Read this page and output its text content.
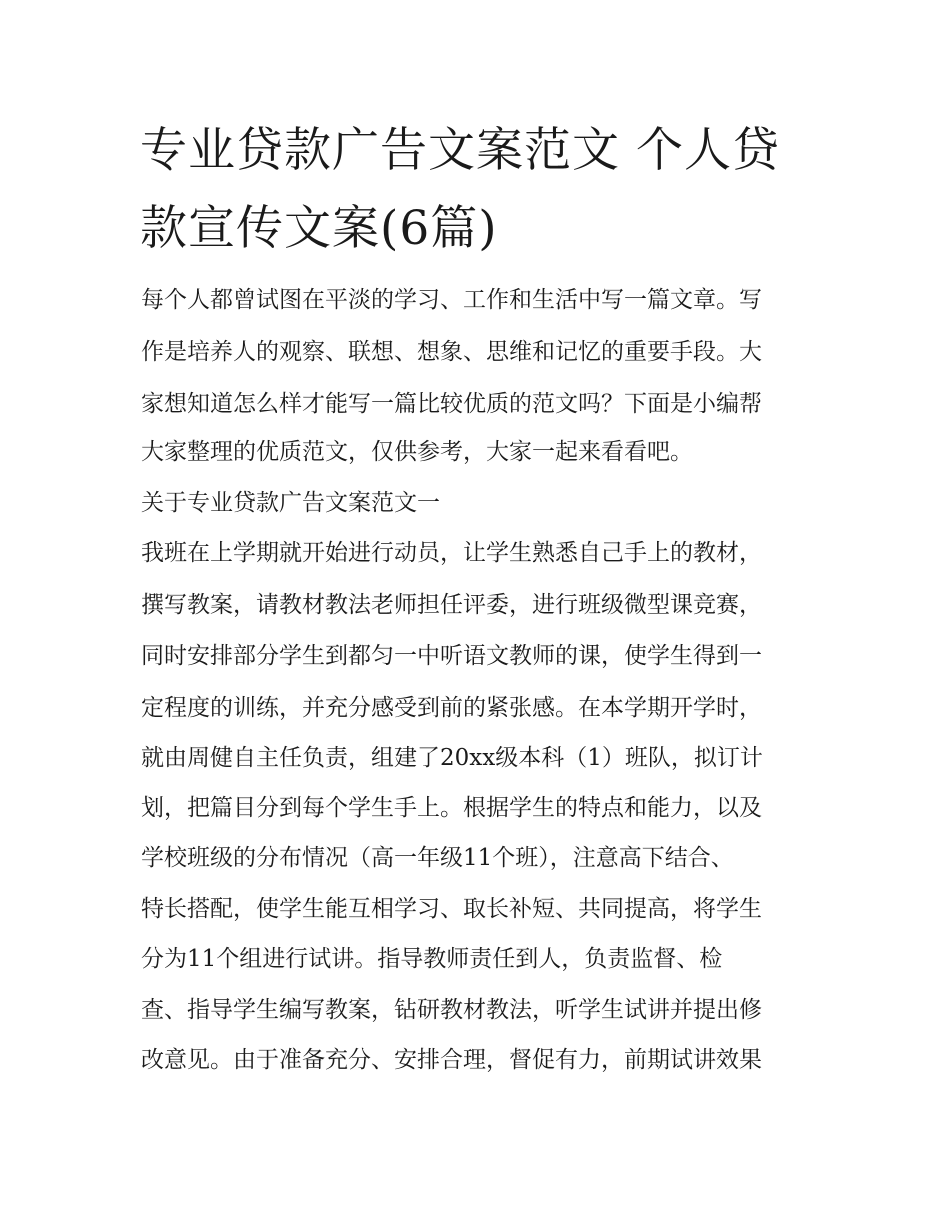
专业贷款广告文案范文 个人贷款宣传文案(6篇)

每个人都曾试图在平淡的学习、工作和生活中写一篇文章。写

作是培养人的观察、联想、想象、思维和记忆的重要手段。大

家想知道怎么样才能写一篇比较优质的范文吗？下面是小编帮

大家整理的优质范文，仅供参考，大家一起来看看吧。

关于专业贷款广告文案范文一

我班在上学期就开始进行动员，让学生熟悉自己手上的教材，

撰写教案，请教材教法老师担任评委，进行班级微型课竞赛，

同时安排部分学生到都匀一中听语文教师的课，使学生得到一

定程度的训练，并充分感受到前的紧张感。在本学期开学时，

就由周健自主任负责，组建了20xx级本科（1）班队，拟订计

划，把篇目分到每个学生手上。根据学生的特点和能力，以及

学校班级的分布情况（高一年级11个班），注意高下结合、

特长搭配，使学生能互相学习、取长补短、共同提高，将学生

分为11个组进行试讲。指导教师责任到人，负责监督、检

查、指导学生编写教案，钻研教材教法，听学生试讲并提出修

改意见。由于准备充分、安排合理，督促有力，前期试讲效果
